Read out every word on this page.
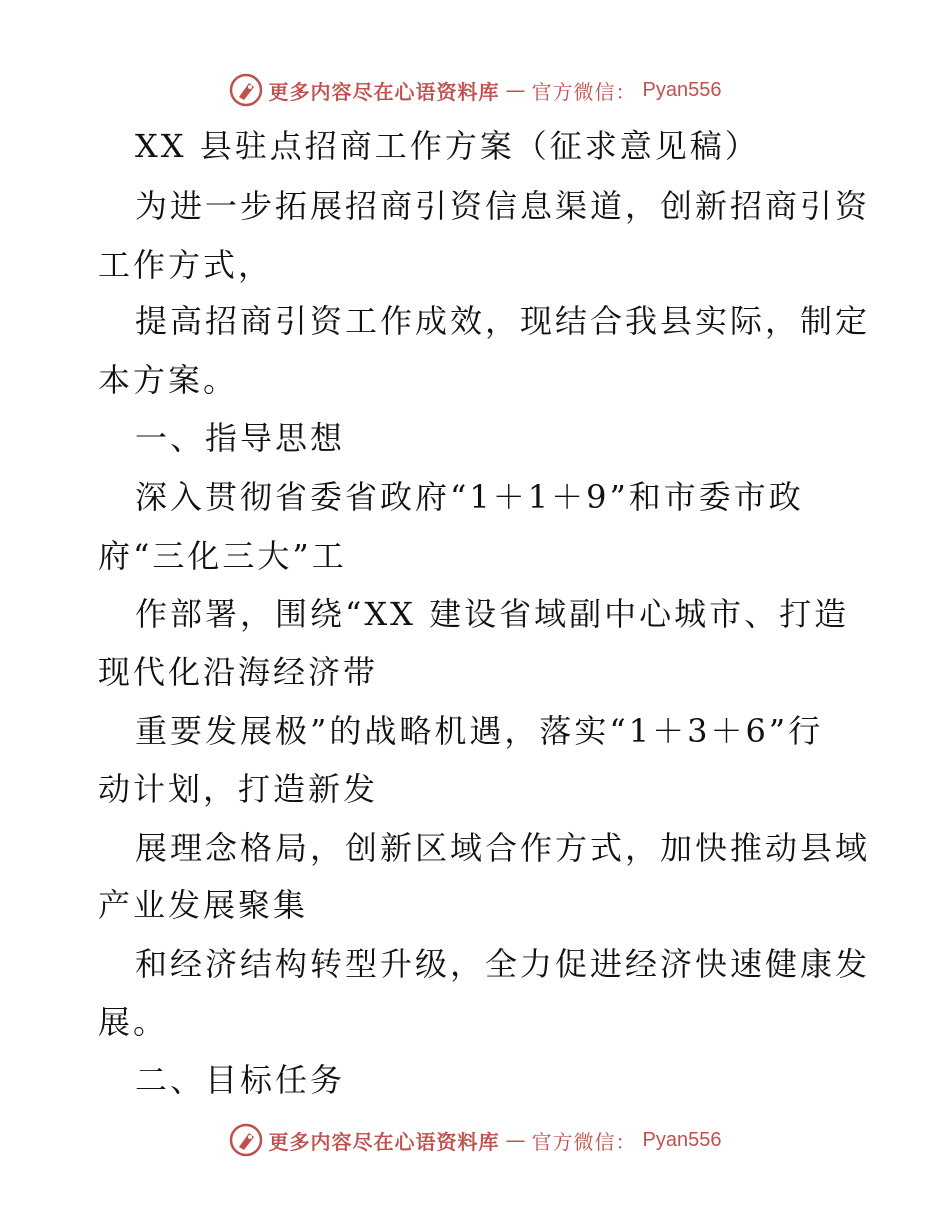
更多内容尽在心语资料库 — 官方微信： Pyan556
XX 县驻点招商工作方案（征求意见稿）
为进一步拓展招商引资信息渠道，创新招商引资
工作方式，
提高招商引资工作成效，现结合我县实际，制定
本方案。
一、指导思想
深入贯彻省委省政府“1＋1＋9”和市委市政
府“三化三大”工
作部署，围绕“XX 建设省域副中心城市、打造
现代化沿海经济带
重要发展极”的战略机遇，落实“1＋3＋6”行
动计划，打造新发
展理念格局，创新区域合作方式，加快推动县域
产业发展聚集
和经济结构转型升级，全力促进经济快速健康发
展。
二、目标任务
更多内容尽在心语资料库 — 官方微信： Pyan556
